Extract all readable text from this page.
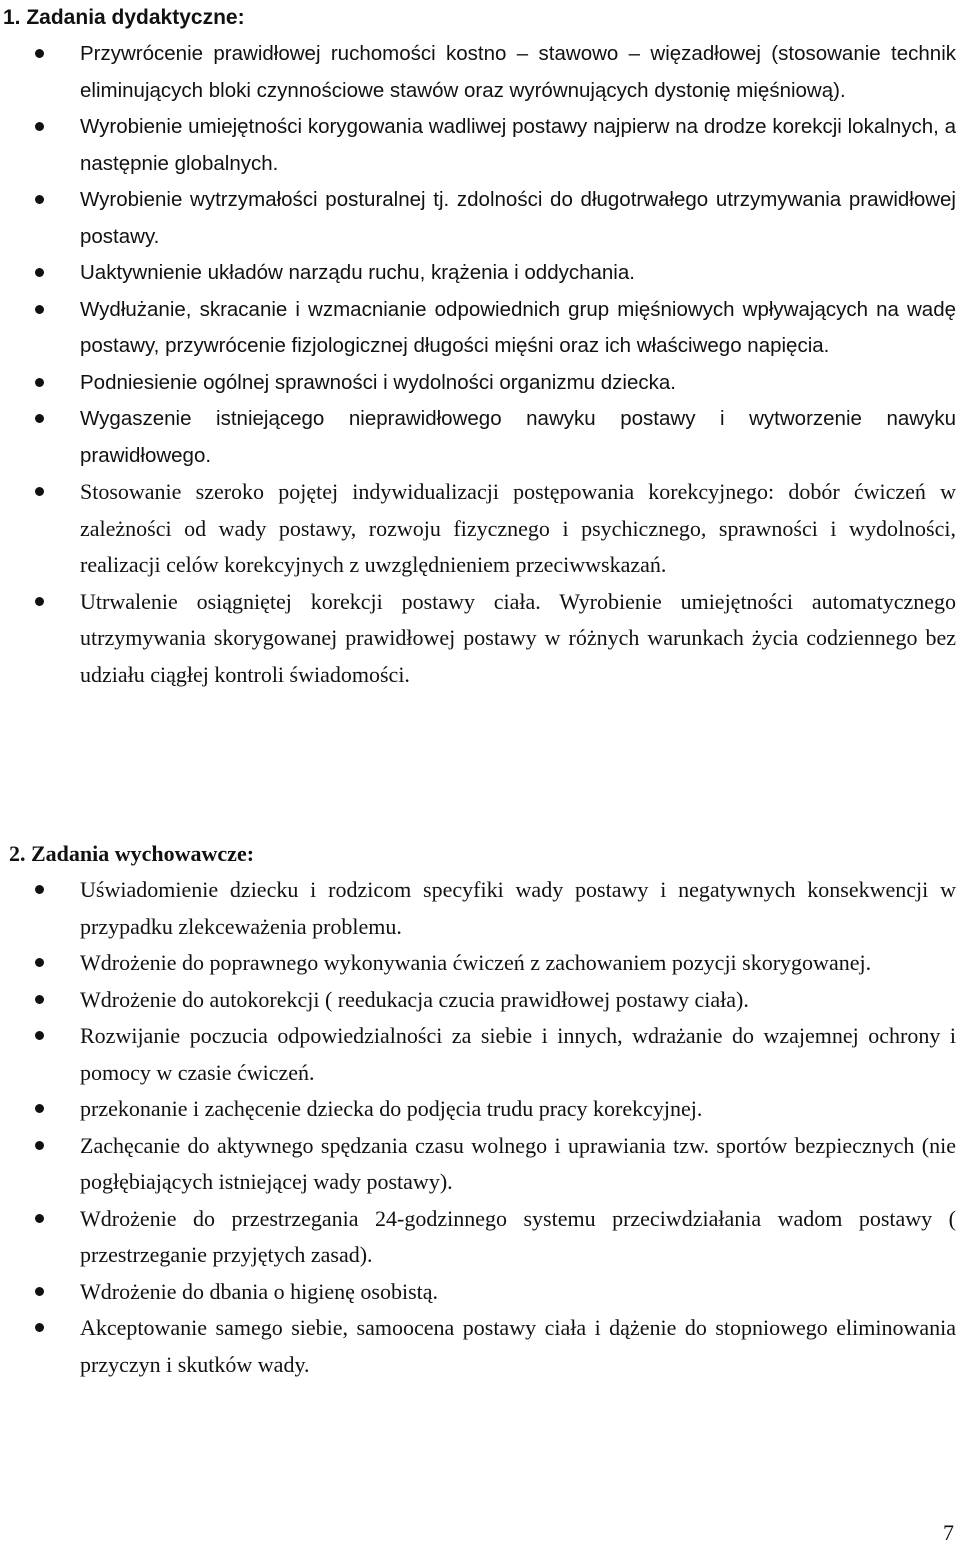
1. Zadania dydaktyczne:
Przywrócenie prawidłowej ruchomości kostno – stawowo – więzadłowej (stosowanie technik eliminujących bloki czynnościowe stawów oraz wyrównujących dystonię mięśniową).
Wyrobienie umiejętności korygowania wadliwej postawy najpierw na drodze korekcji lokalnych, a następnie globalnych.
Wyrobienie wytrzymałości posturalnej tj. zdolności do długotrwałego utrzymywania prawidłowej postawy.
Uaktywnienie układów narządu ruchu, krążenia i oddychania.
Wydłużanie, skracanie i wzmacnianie odpowiednich grup mięśniowych wpływających na wadę postawy, przywrócenie fizjologicznej długości mięśni oraz ich właściwego napięcia.
Podniesienie ogólnej sprawności i wydolności organizmu dziecka.
Wygaszenie istniejącego nieprawidłowego nawyku postawy i wytworzenie nawyku prawidłowego.
Stosowanie szeroko pojętej indywidualizacji postępowania korekcyjnego: dobór ćwiczeń w zależności od wady postawy, rozwoju fizycznego i psychicznego, sprawności i wydolności, realizacji celów korekcyjnych z uwzględnieniem przeciwwskazań.
Utrwalenie osiągniętej korekcji postawy ciała. Wyrobienie umiejętności automatycznego utrzymywania skorygowanej prawidłowej postawy w różnych warunkach życia codziennego bez udziału ciągłej kontroli świadomości.
2. Zadania wychowawcze:
Uświadomienie dziecku i rodzicom specyfiki wady postawy i negatywnych konsekwencji w przypadku zlekceważenia problemu.
Wdrożenie do poprawnego wykonywania ćwiczeń z zachowaniem pozycji skorygowanej.
Wdrożenie do autokorekcji ( reedukacja czucia prawidłowej postawy ciała).
Rozwijanie poczucia odpowiedzialności za siebie i innych, wdrażanie do wzajemnej ochrony i pomocy w czasie ćwiczeń.
przekonanie i zachęcenie dziecka do podjęcia trudu pracy korekcyjnej.
Zachęcanie do aktywnego spędzania czasu wolnego i uprawiania tzw. sportów bezpiecznych (nie pogłębiających istniejącej wady postawy).
Wdrożenie do przestrzegania 24-godzinnego systemu przeciwdziałania wadom postawy ( przestrzeganie przyjętych zasad).
Wdrożenie do dbania o higienę osobistą.
Akceptowanie samego siebie, samoocena postawy ciała i dążenie do stopniowego eliminowania przyczyn i skutków wady.
7
